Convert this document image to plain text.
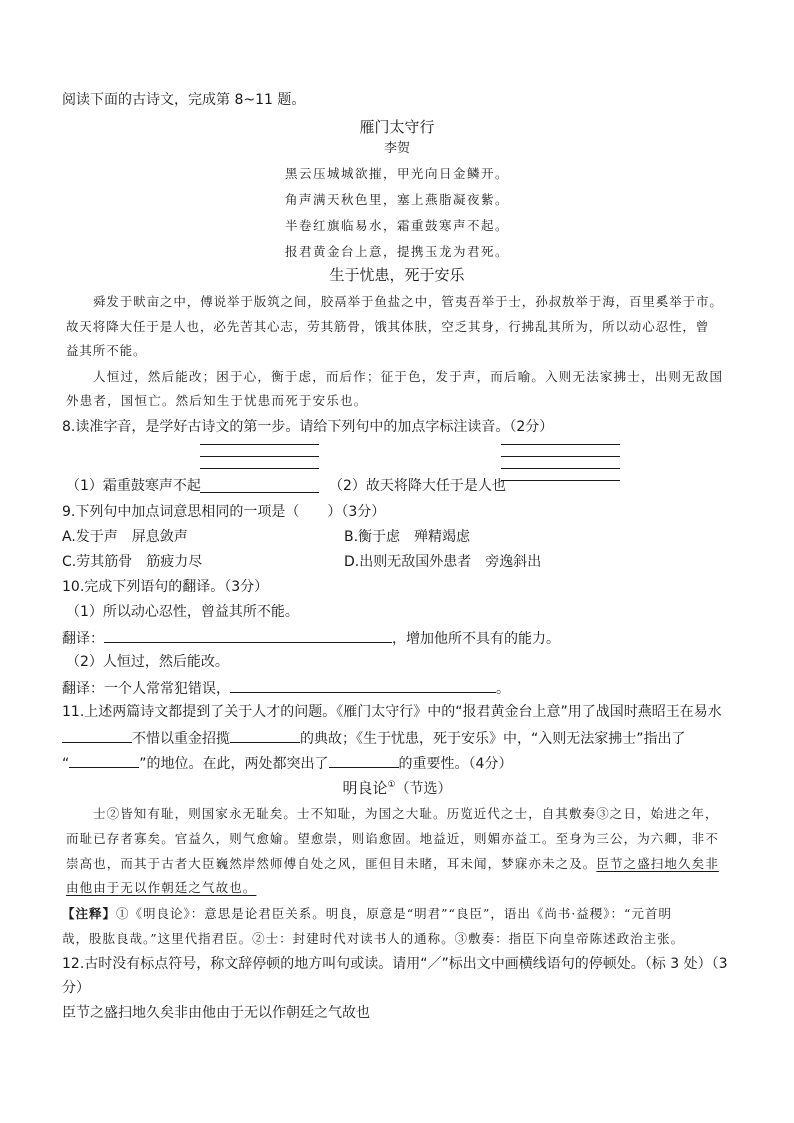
阅读下面的古诗文，完成第 8~11 题。
雁门太守行
李贺
黑云压城城欲摧，甲光向日金鳞开。
角声满天秋色里，塞上燕脂凝夜紫。
半卷红旗临易水，霜重鼓寒声不起。
报君黄金台上意，提携玉龙为君死。
生于忧患，死于安乐
舜发于畎亩之中，傅说举于版筑之间，胶鬲举于鱼盐之中，管夷吾举于士，孙叔敖举于海，百里奚举于市。
故天将降大任于是人也，必先苦其心志，劳其筋骨，饿其体肤，空乏其身，行拂乱其所为，所以动心忍性，曾
益其所不能。
人恒过，然后能改；困于心，衡于虑，而后作；征于色，发于声，而后喻。入则无法家拂士，出则无敌国
外患者，国恒亡。然后知生于忧患而死于安乐也。
8.读准字音，是学好古诗文的第一步。请给下列句中的加点字标注读音。（2分）
（1）霜重鼓寒声不起	（2）故天将降大任于是人也
9.下列句中加点词意思相同的一项是（　　）（3分）
A.发于声　屏息敛声	B.衡于虑　殚精竭虑
C.劳其筋骨　筋疲力尽	D.出则无敌国外患者　旁逸斜出
10.完成下列语句的翻译。（3分）
（1）所以动心忍性，曾益其所不能。
翻译：	，增加他所不具有的能力。
（2）人恒过，然后能改。
翻译：一个人常常犯错误，	。
11.上述两篇诗文都提到了关于人才的问题。《雁门太守行》中的“报君黄金台上意”用了战国时燕昭王在易水
不惜以重金招揽	的典故；《生于忧患，死于安乐》中，“入则无法家拂士”指出了
“	”的地位。在此，两处都突出了	的重要性。（4分）
明良论①（节选）
士②皆知有耻，则国家永无耻矣。士不知耻，为国之大耻。历览近代之士，自其敷奏③之日，始进之年，
而耻已存者寡矣。官益久，则气愈媮。望愈崇，则谄愈固。地益近，则媚亦益工。至身为三公，为六卿，非不
崇高也，而其于古者大臣巍然岸然师傅自处之风，匪但目未睹，耳未闻，梦寐亦未之及。臣节之盛扫地久矣非
由他由于无以作朝廷之气故也。
【注释】①《明良论》：意思是论君臣关系。明良，原意是“明君”“良臣”，语出《尚书·益稷》：“元首明
哉，股肱良哉。”这里代指君臣。②士：封建时代对读书人的通称。③敷奏：指臣下向皇帝陈述政治主张。
12.古时没有标点符号，称文辞停顿的地方叫句或读。请用“／”标出文中画横线语句的停顿处。（标 3 处）（3
分）
臣节之盛扫地久矣非由他由于无以作朝廷之气故也
